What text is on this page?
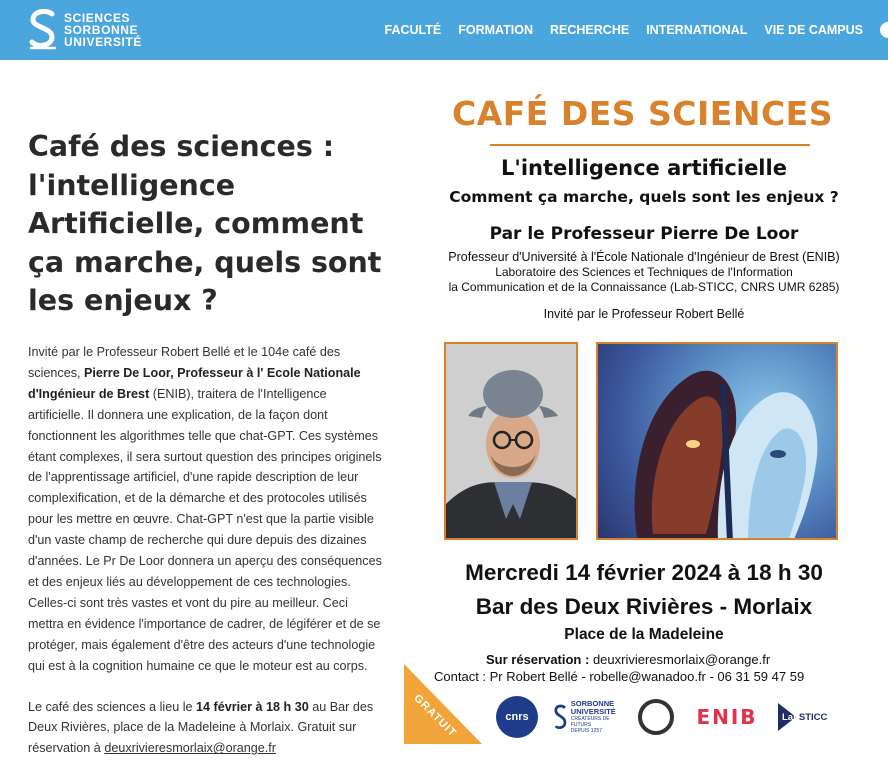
SCIENCES
SORBONNE
UNIVERSITÉ
FACULTÉ FORMATION RECHERCHE INTERNATIONAL VIE DE CAMPUS
Café des sciences : l'intelligence Artificielle, comment ça marche, quels sont les enjeux ?

Invité par le Professeur Robert Bellé et le 104e café des sciences, Pierre De Loor, Professeur à l' Ecole Nationale d'Ingénieur de Brest (ENIB), traitera de l'Intelligence artificielle. Il donnera une explication, de la façon dont fonctionnent les algorithmes telle que chat-GPT. Ces systèmes étant complexes, il sera surtout question des principes originels de l'apprentissage artificiel, d'une rapide description de leur complexification, et de la démarche et des protocoles utilisés pour les mettre en œuvre. Chat-GPT n'est que la partie visible d'un vaste champ de recherche qui dure depuis des dizaines d'années. Le Pr De Loor donnera un aperçu des conséquences et des enjeux liés au développement de ces technologies. Celles-ci sont très vastes et vont du pire au meilleur. Ceci mettra en évidence l'importance de cadrer, de légiférer et de se protéger, mais également d'être des acteurs d'une technologie qui est à la cognition humaine ce que le moteur est au corps.

Le café des sciences a lieu le 14 février à 18 h 30 au Bar des Deux Rivières, place de la Madeleine à Morlaix. Gratuit sur réservation à deuxrivieresmorlaix@orange.fr

CAFÉ DES SCIENCES
L'intelligence artificielle
Comment ça marche, quels sont les enjeux ?
Par le Professeur Pierre De Loor
Professeur d'Université à l'École Nationale d'Ingénieur de Brest (ENIB)
Laboratoire des Sciences et Techniques de l'Information
la Communication et de la Connaissance (Lab-STICC, CNRS UMR 6285)
Invité par le Professeur Robert Bellé
Mercredi 14 février 2024 à 18 h 30
Bar des Deux Rivières - Morlaix
Place de la Madeleine
Sur réservation : deuxrivieresmorlaix@orange.fr
Contact : Pr Robert Bellé - robelle@wanadoo.fr - 06 31 59 47 59
GRATUIT	cnrs
SORBONNE
UNIVERSITÉ
CRÉATEURS DE FUTURS
DEPUIS 1257
ENIB	LabSTICC
